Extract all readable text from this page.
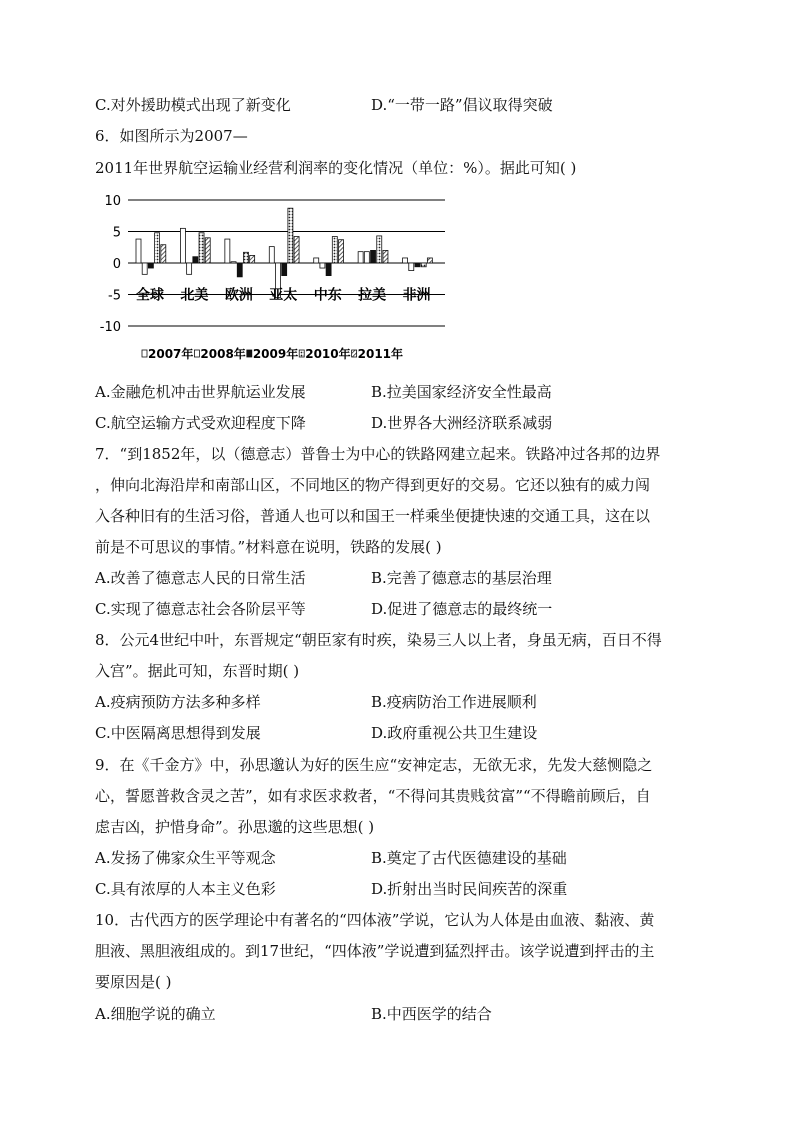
C.对外援助模式出现了新变化	D.“一带一路”倡议取得突破
6．如图所示为2007—
2011年世界航空运输业经营利润率的变化情况（单位：%）。据此可知( )
10
5
0
-5
-10
全球 北美 欧洲 亚太 中东 拉美 非洲
2007年 2008年 2009年 2010年 2011年
A.金融危机冲击世界航运业发展	B.拉美国家经济安全性最高
C.航空运输方式受欢迎程度下降	D.世界各大洲经济联系减弱
7．“到1852年，以（德意志）普鲁士为中心的铁路网建立起来。铁路冲过各邦的边界
，伸向北海沿岸和南部山区，不同地区的物产得到更好的交易。它还以独有的威力闯
入各种旧有的生活习俗，普通人也可以和国王一样乘坐便捷快速的交通工具，这在以
前是不可思议的事情。”材料意在说明，铁路的发展( )
A.改善了德意志人民的日常生活	B.完善了德意志的基层治理
C.实现了德意志社会各阶层平等	D.促进了德意志的最终统一
8．公元4世纪中叶，东晋规定“朝臣家有时疾，染易三人以上者，身虽无病，百日不得
入宫”。据此可知，东晋时期( )
A.疫病预防方法多种多样	B.疫病防治工作进展顺利
C.中医隔离思想得到发展	D.政府重视公共卫生建设
9．在《千金方》中，孙思邈认为好的医生应“安神定志，无欲无求，先发大慈恻隐之
心，誓愿普救含灵之苦”，如有求医求救者，“不得问其贵贱贫富”“不得瞻前顾后，自
虑吉凶，护惜身命”。孙思邈的这些思想( )
A.发扬了佛家众生平等观念	B.奠定了古代医德建设的基础
C.具有浓厚的人本主义色彩	D.折射出当时民间疾苦的深重
10．古代西方的医学理论中有著名的“四体液”学说，它认为人体是由血液、黏液、黄
胆液、黑胆液组成的。到17世纪，“四体液”学说遭到猛烈抨击。该学说遭到抨击的主
要原因是( )
A.细胞学说的确立	B.中西医学的结合
